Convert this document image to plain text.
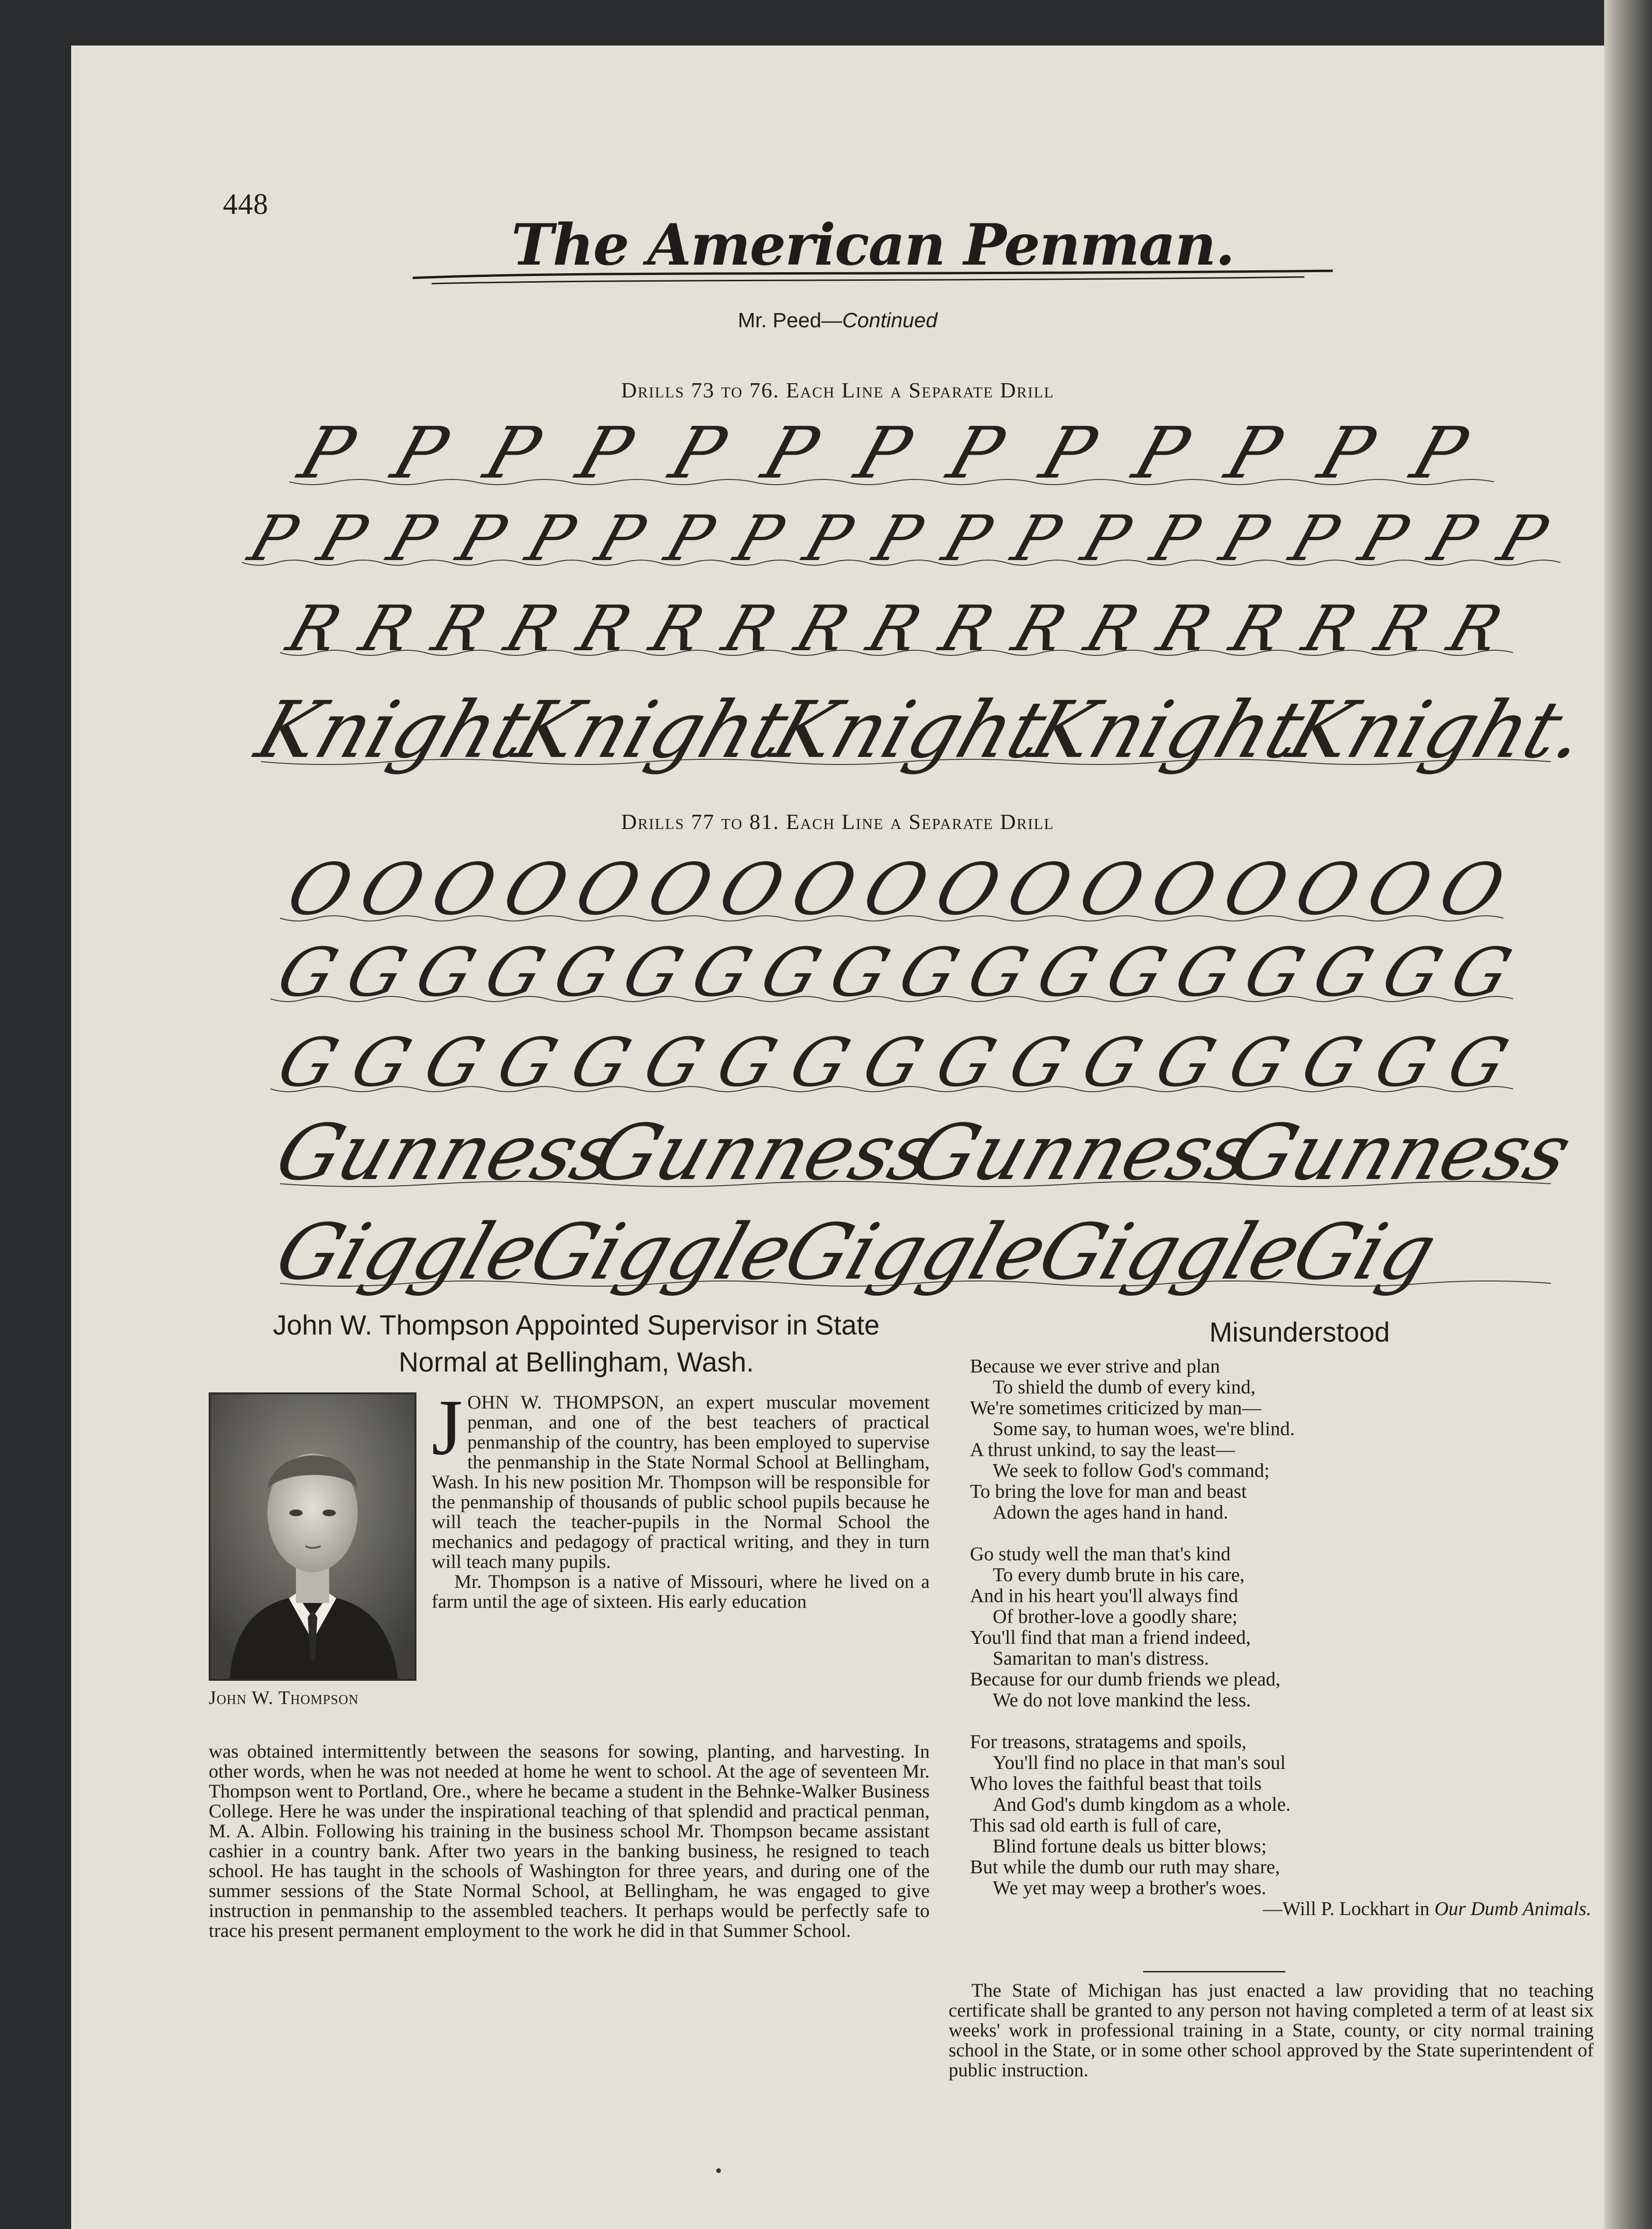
448
The American Penman.
Mr. Peed—Continued
Drills 73 to 76. Each Line a Separate Drill
P P P P P P P P P P P P P
P P P P P P P P P P P P P P P P P P P
R R R R R R R R R R R R R R R R R
Knight
Knight
Knight
Knight
Knight.
Drills 77 to 81. Each Line a Separate Drill
O
O
O
O
O
O
O
O
O
O
O
O
O
O
O
O
O
G
G
G
G
G
G
G
G
G
G
G
G
G
G
G
G
G
G
G
G
G
G
G
G
G
G
G
G
G
G
G
G
G
G
G
Gunness
Gunness
Gunness
Gunness
Giggle
Giggle
Giggle
Giggle
Gig
John W. Thompson Appointed Supervisor in State
Normal at Bellingham, Wash.
John W. Thompson
J OHN W. THOMPSON, an expert muscular movement penman, and one of the best teachers of practical penmanship of the country, has been employed to supervise the penmanship in the State Normal School at Bellingham, Wash. In his new position Mr. Thompson will be responsible for the penmanship of thousands of public school pupils because he will teach the teacher-pupils in the Normal School the mechanics and pedagogy of practical writing, and they in turn will teach many pupils.
Mr. Thompson is a native of Missouri, where he lived on a farm until the age of sixteen. His early education
was obtained intermittently between the seasons for sowing, planting, and harvesting. In other words, when he was not needed at home he went to school. At the age of seventeen Mr. Thompson went to Portland, Ore., where he became a student in the Behnke-Walker Business College. Here he was under the inspirational teaching of that splendid and practical penman, M. A. Albin. Following his training in the business school Mr. Thompson became assistant cashier in a country bank. After two years in the banking business, he resigned to teach school. He has taught in the schools of Washington for three years, and during one of the summer sessions of the State Normal School, at Bellingham, he was engaged to give instruction in penmanship to the assembled teachers. It perhaps would be perfectly safe to trace his present permanent employment to the work he did in that Summer School.
Misunderstood
Because we ever strive and plan
To shield the dumb of every kind,
We're sometimes criticized by man—
Some say, to human woes, we're blind.
A thrust unkind, to say the least—
We seek to follow God's command;
To bring the love for man and beast
Adown the ages hand in hand.
Go study well the man that's kind
To every dumb brute in his care,
And in his heart you'll always find
Of brother-love a goodly share;
You'll find that man a friend indeed,
Samaritan to man's distress.
Because for our dumb friends we plead,
We do not love mankind the less.
For treasons, stratagems and spoils,
You'll find no place in that man's soul
Who loves the faithful beast that toils
And God's dumb kingdom as a whole.
This sad old earth is full of care,
Blind fortune deals us bitter blows;
But while the dumb our ruth may share,
We yet may weep a brother's woes.
—Will P. Lockhart in Our Dumb Animals.
The State of Michigan has just enacted a law providing that no teaching certificate shall be granted to any person not having completed a term of at least six weeks' work in professional training in a State, county, or city normal training school in the State, or in some other school approved by the State superintendent of public instruction.
